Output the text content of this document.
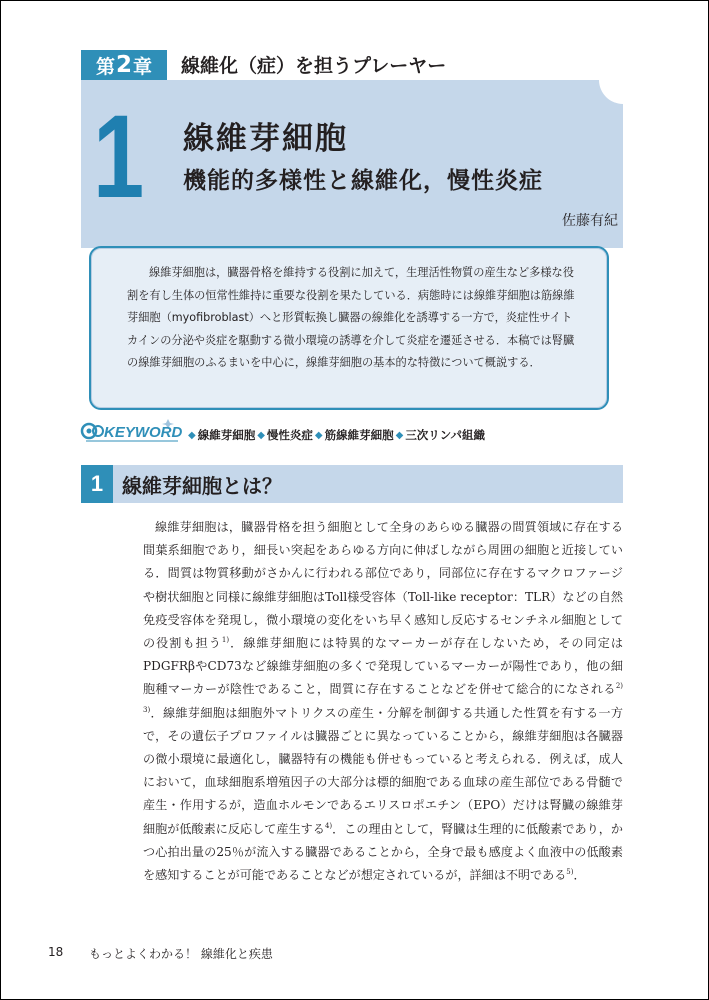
第 2 章 線維化（症）を担うプレーヤー
1 線維芽細胞
機能的多様性と線維化，慢性炎症
佐藤有紀
線維芽細胞は，臓器骨格を維持する役割に加えて，生理活性物質の産生など多様な役割を有し生体の恒常性維持に重要な役割を果たしている．病態時には線維芽細胞は筋線維芽細胞（myofibroblast）へと形質転換し臓器の線維化を誘導する一方で，炎症性サイトカインの分泌や炎症を駆動する微小環境の誘導を介して炎症を遷延させる．本稿では腎臓の線維芽細胞のふるまいを中心に，線維芽細胞の基本的な特徴について概説する．
KEYWORD ◆ 線維芽細胞 ◆ 慢性炎症 ◆ 筋線維芽細胞 ◆ 三次リンパ組織
1 線維芽細胞とは？
線維芽細胞は，臓器骨格を担う細胞として全身のあらゆる臓器の間質領域に存在する間葉系細胞であり，細長い突起をあらゆる方向に伸ばしながら周囲の細胞と近接している．間質は物質移動がさかんに行われる部位であり，同部位に存在するマクロファージや樹状細胞と同様に線維芽細胞はToll様受容体（Toll-like receptor：TLR）などの自然免疫受容体を発現し，微小環境の変化をいち早く感知し反応するセンチネル細胞としての役割も担う$^{1)}$．線維芽細胞には特異的なマーカーが存在しないため，その同定はPDGFRβやCD73など線維芽細胞の多くで発現しているマーカーが陽性であり，他の細胞種マーカーが陰性であること，間質に存在することなどを併せて総合的になされる$^{2) 3)}$．線維芽細胞は細胞外マトリクスの産生・分解を制御する共通した性質を有する一方で，その遺伝子プロファイルは臓器ごとに異なっていることから，線維芽細胞は各臓器の微小環境に最適化し，臓器特有の機能も併せもっていると考えられる．例えば，成人において，血球細胞系増殖因子の大部分は標的細胞である血球の産生部位である骨髄で産生・作用するが，造血ホルモンであるエリスロポエチン（EPO）だけは腎臓の線維芽細胞が低酸素に反応して産生する$^{4)}$．この理由として，腎臓は生理的に低酸素であり，かつ心拍出量の25％が流入する臓器であることから，全身で最も感度よく血液中の低酸素を感知することが可能であることなどが想定されているが，詳細は不明である$^{5)}$．
18 もっとよくわかる！ 線維化と疾患
